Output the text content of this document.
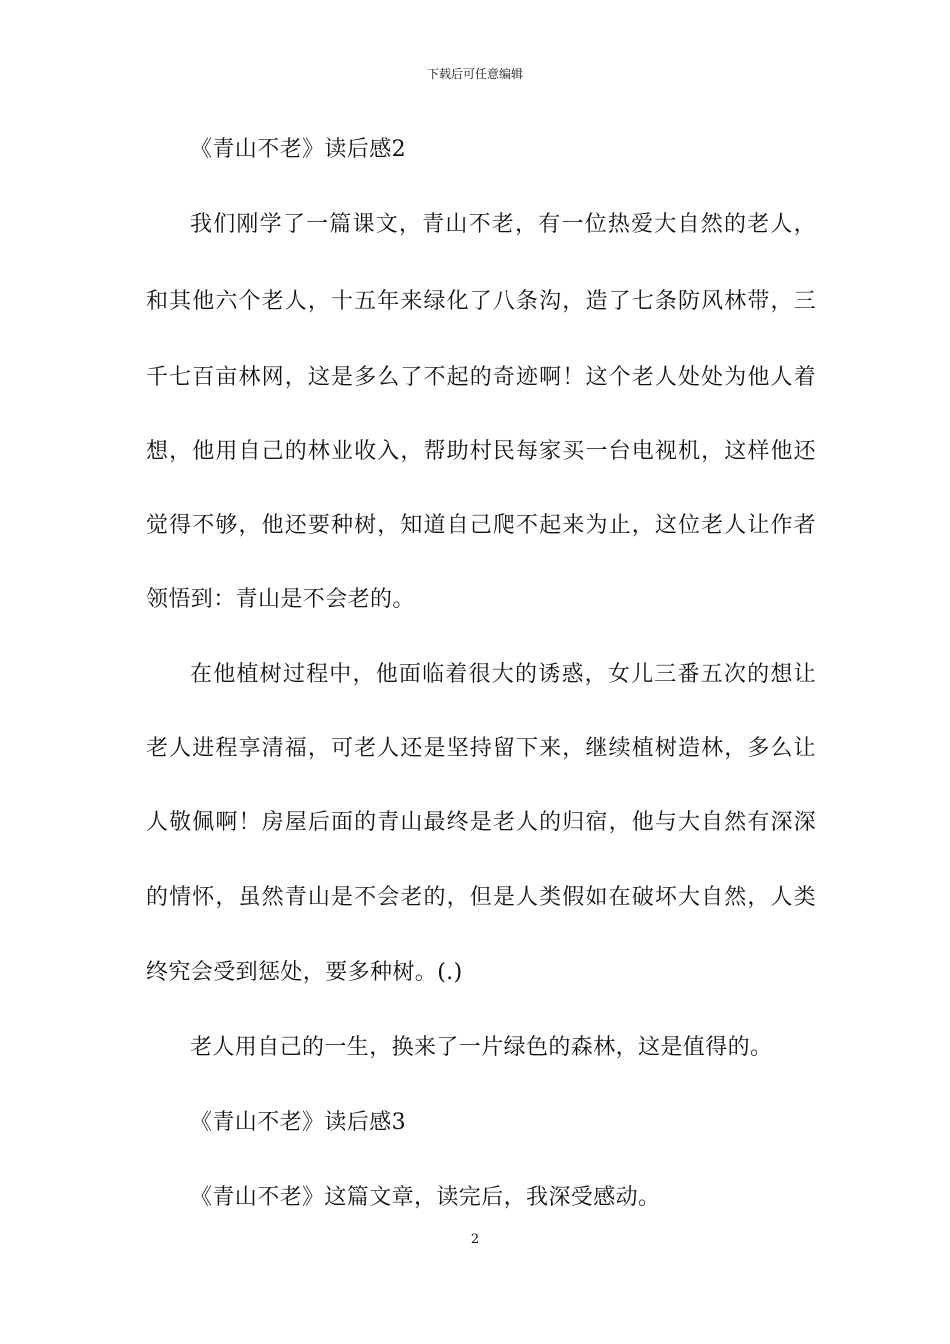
下载后可任意编辑
《青山不老》读后感2
我们刚学了一篇课文，青山不老，有一位热爱大自然的老人，
和其他六个老人，十五年来绿化了八条沟，造了七条防风林带，三
千七百亩林网，这是多么了不起的奇迹啊！这个老人处处为他人着
想，他用自己的林业收入，帮助村民每家买一台电视机，这样他还
觉得不够，他还要种树，知道自己爬不起来为止，这位老人让作者
领悟到：青山是不会老的。
在他植树过程中，他面临着很大的诱惑，女儿三番五次的想让
老人进程享清福，可老人还是坚持留下来，继续植树造林，多么让
人敬佩啊！房屋后面的青山最终是老人的归宿，他与大自然有深深
的情怀，虽然青山是不会老的，但是人类假如在破坏大自然，人类
终究会受到惩处，要多种树。(.)
老人用自己的一生，换来了一片绿色的森林，这是值得的。
《青山不老》读后感3
《青山不老》这篇文章，读完后，我深受感动。
2
